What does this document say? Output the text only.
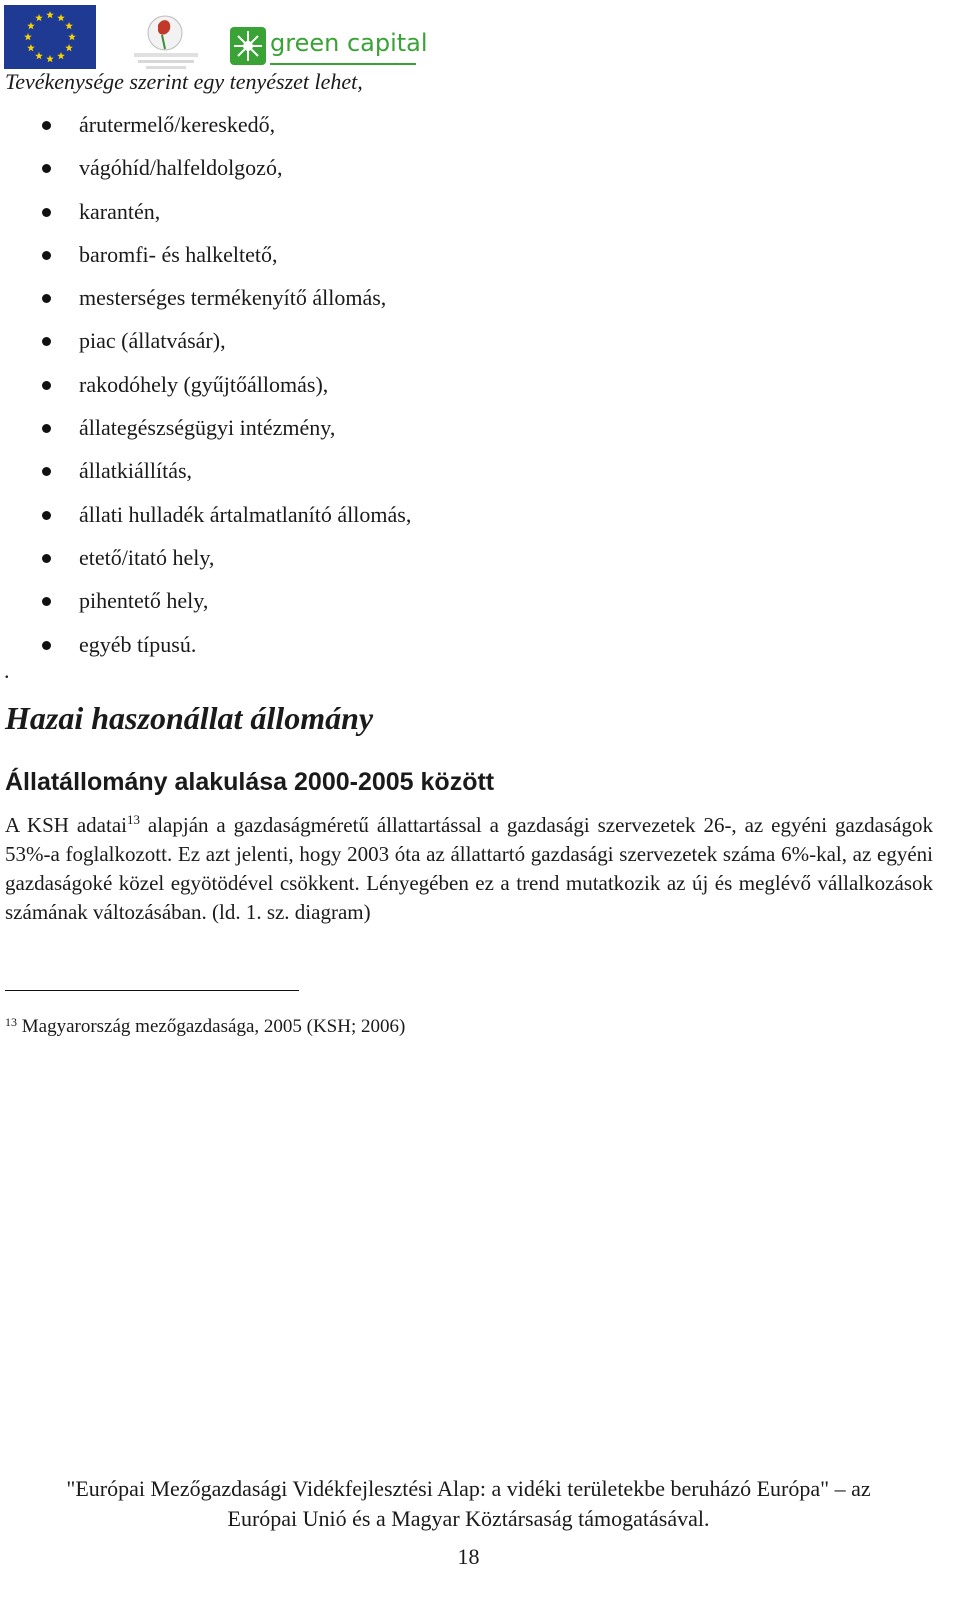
green capital
Tevékenysége szerint egy tenyészet lehet,
árutermelő/kereskedő,
vágóhíd/halfeldolgozó,
karantén,
baromfi- és halkeltető,
mesterséges termékenyítő állomás,
piac (állatvásár),
rakodóhely (gyűjtőállomás),
állategészségügyi intézmény,
állatkiállítás,
állati hulladék ártalmatlanító állomás,
etető/itató hely,
pihentető hely,
egyéb típusú.
.
Hazai haszonállat állomány
Állatállomány alakulása 2000-2005 között

A KSH adatai$^{13}$ alapján a gazdaságméretű állattartással a gazdasági szervezetek 26-, az egyéni gazdaságok 53%-a foglalkozott. Ez azt jelenti, hogy 2003 óta az állattartó gazdasági szervezetek száma 6%-kal, az egyéni gazdaságoké közel egyötödével csökkent. Lényegében ez a trend mutatkozik az új és meglévő vállalkozások számának változásában. (ld. 1. sz. diagram)

$^{13}$ Magyarország mezőgazdasága, 2005 (KSH; 2006)
"Európai Mezőgazdasági Vidékfejlesztési Alap: a vidéki területekbe beruházó Európa" – az
Európai Unió és a Magyar Köztársaság támogatásával.
18
